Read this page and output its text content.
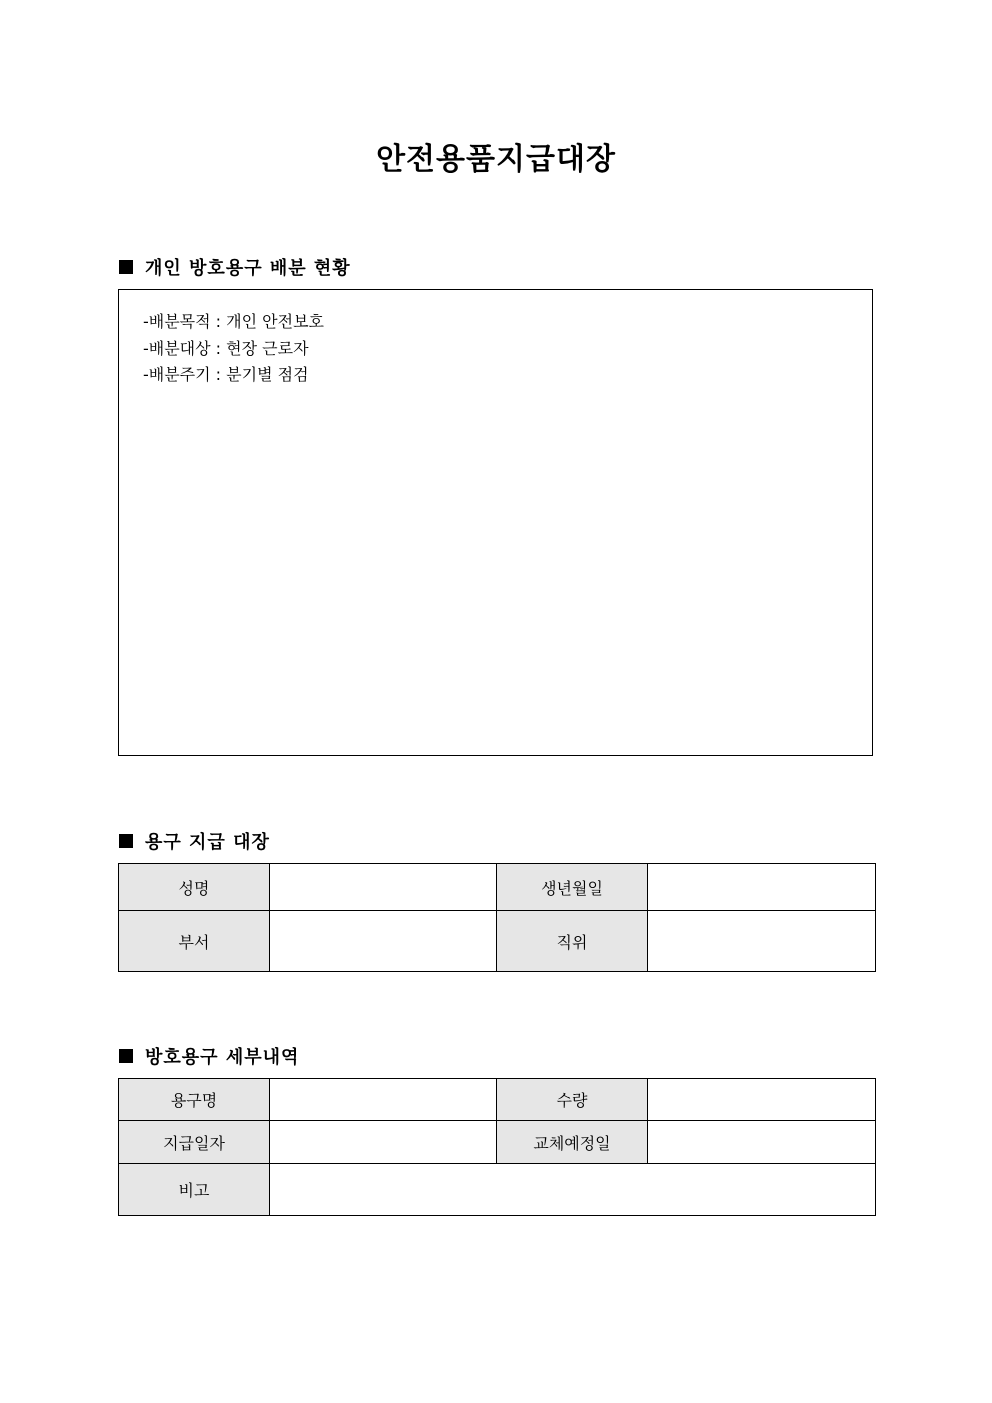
안전용품지급대장
개인 방호용구 배분 현황
-배분목적 : 개인 안전보호
-배분대상 : 현장 근로자
-배분주기 : 분기별 점검
용구 지급 대장
성명		생년월일	
부서		직위	
방호용구 세부내역
용구명		수량	
지급일자		교체예정일	
비고			
